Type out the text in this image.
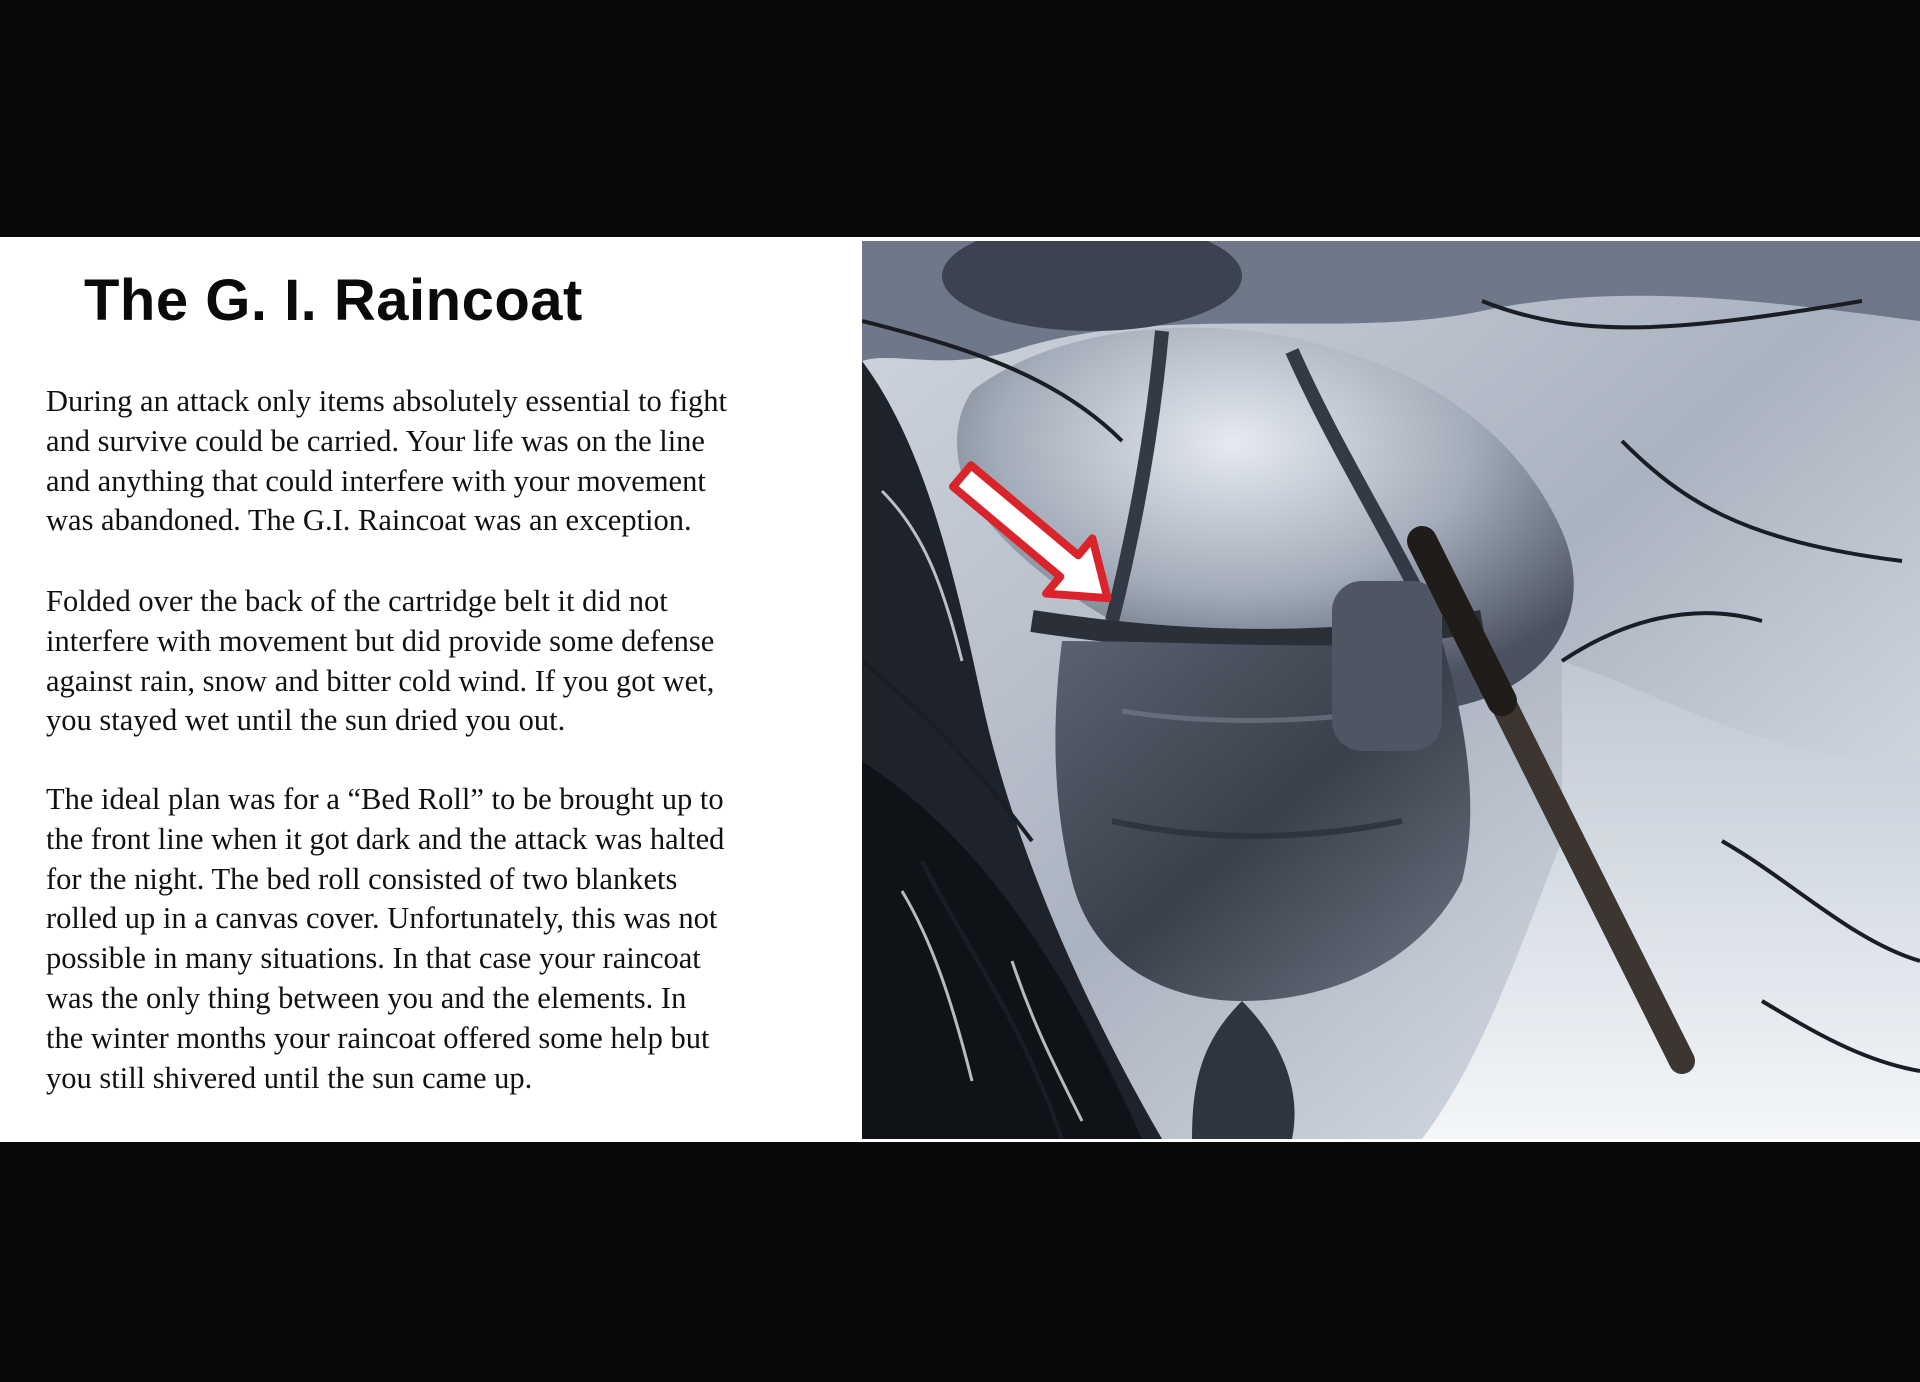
The G. I. Raincoat

During an attack only items absolutely essential to fight
and survive could be carried. Your life was on the line
and anything that could interfere with your movement
was abandoned. The G.I. Raincoat was an exception.

Folded over the back of the cartridge belt it did not
interfere with movement but did provide some defense
against rain, snow and bitter cold wind. If you got wet,
you stayed wet until the sun dried you out.

The ideal plan was for a “Bed Roll” to be brought up to
the front line when it got dark and the attack was halted
for the night. The bed roll consisted of two blankets
rolled up in a canvas cover. Unfortunately, this was not
possible in many situations. In that case your raincoat
was the only thing between you and the elements. In
the winter months your raincoat offered some help but
you still shivered until the sun came up.
